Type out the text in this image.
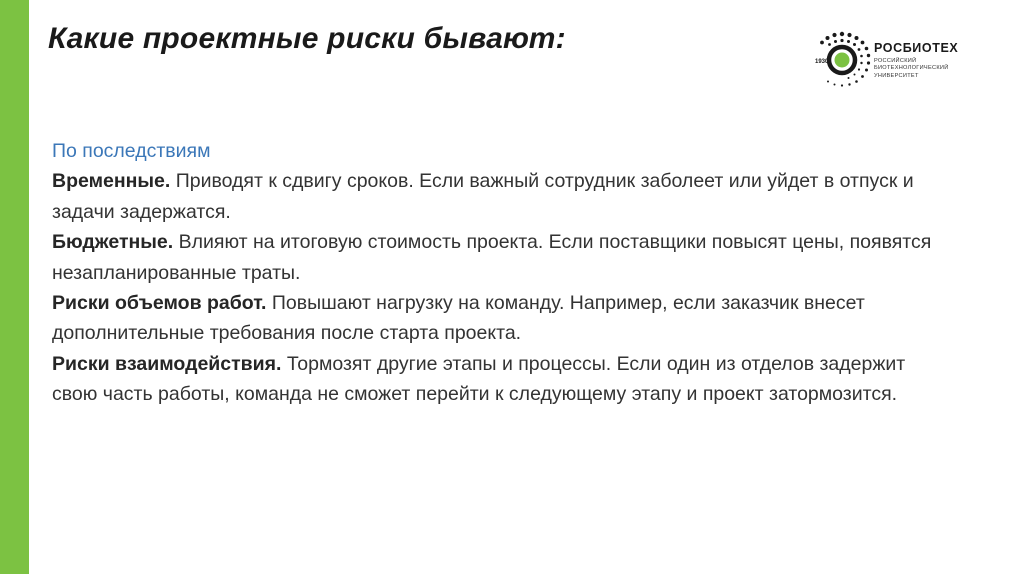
Какие проектные риски бывают:
1930
РОСБИОТЕХ
РОССИЙСКИЙ
БИОТЕХНОЛОГИЧЕСКИЙ
УНИВЕРСИТЕТ

По последствиям

Временные. Приводят к сдвигу сроков. Если важный сотрудник заболеет или уйдет в отпуск и задачи задержатся.

Бюджетные. Влияют на итоговую стоимость проекта. Если поставщики повысят цены, появятся незапланированные траты.

Риски объемов работ. Повышают нагрузку на команду. Например, если заказчик внесет дополнительные требования после старта проекта.

Риски взаимодействия. Тормозят другие этапы и процессы. Если один из отделов задержит свою часть работы, команда не сможет перейти к следующему этапу и проект затормозится.
